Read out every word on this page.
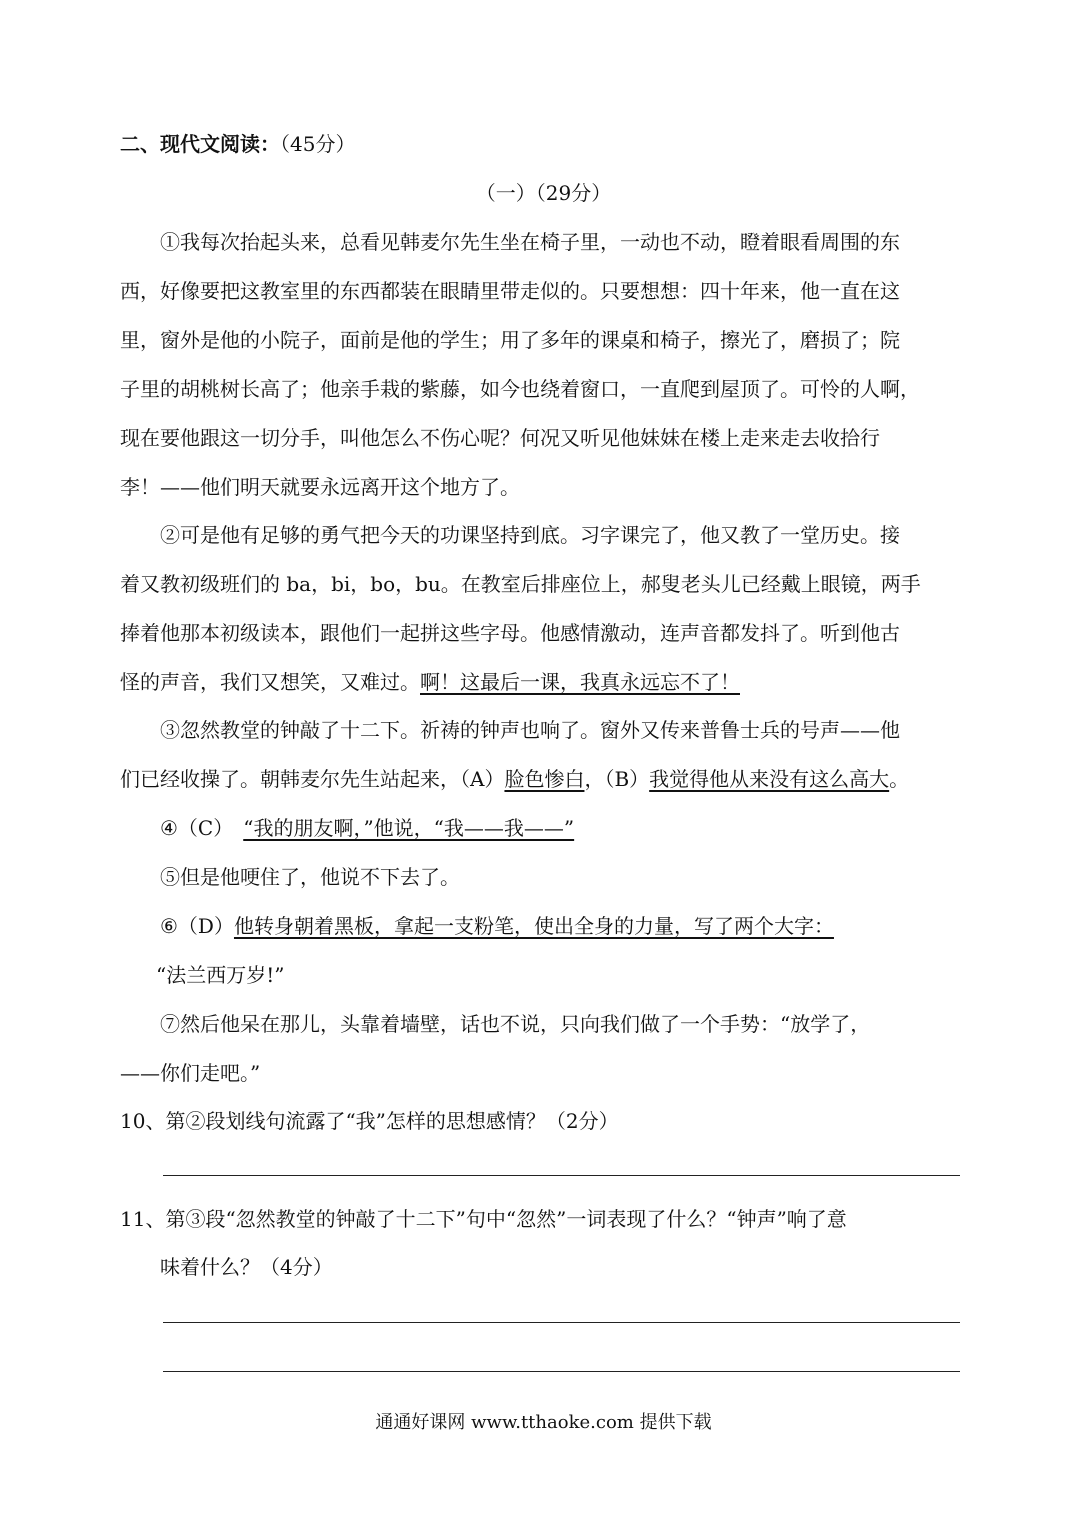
二、现代文阅读：（45分）
（一）（29分）
①我每次抬起头来，总看见韩麦尔先生坐在椅子里，一动也不动，瞪着眼看周围的东
西，好像要把这教室里的东西都装在眼睛里带走似的。只要想想：四十年来，他一直在这
里，窗外是他的小院子，面前是他的学生；用了多年的课桌和椅子，擦光了，磨损了；院
子里的胡桃树长高了；他亲手栽的紫藤，如今也绕着窗口，一直爬到屋顶了。可怜的人啊，
现在要他跟这一切分手，叫他怎么不伤心呢？何况又听见他妹妹在楼上走来走去收拾行
李！——他们明天就要永远离开这个地方了。
②可是他有足够的勇气把今天的功课坚持到底。习字课完了，他又教了一堂历史。接
着又教初级班们的 ba，bi，bo，bu。在教室后排座位上，郝叟老头儿已经戴上眼镜，两手
捧着他那本初级读本，跟他们一起拼这些字母。他感情激动，连声音都发抖了。听到他古
怪的声音，我们又想笑，又难过。啊！这最后一课，我真永远忘不了！
③忽然教堂的钟敲了十二下。祈祷的钟声也响了。窗外又传来普鲁士兵的号声——他
们已经收操了。朝韩麦尔先生站起来，（A）脸色惨白，（B）我觉得他从来没有这么高大。
④（C） “我的朋友啊，”他说，“我——我——”
⑤但是他哽住了，他说不下去了。
⑥（D）他转身朝着黑板，拿起一支粉笔，使出全身的力量，写了两个大字：
“法兰西万岁!”
⑦然后他呆在那儿，头靠着墙壁，话也不说，只向我们做了一个手势：“放学了，
——你们走吧。”
10、第②段划线句流露了“我”怎样的思想感情？（2分）
11、第③段“忽然教堂的钟敲了十二下”句中“忽然”一词表现了什么？“钟声”响了意
味着什么？（4分）
通通好课网 www.tthaoke.com 提供下载
